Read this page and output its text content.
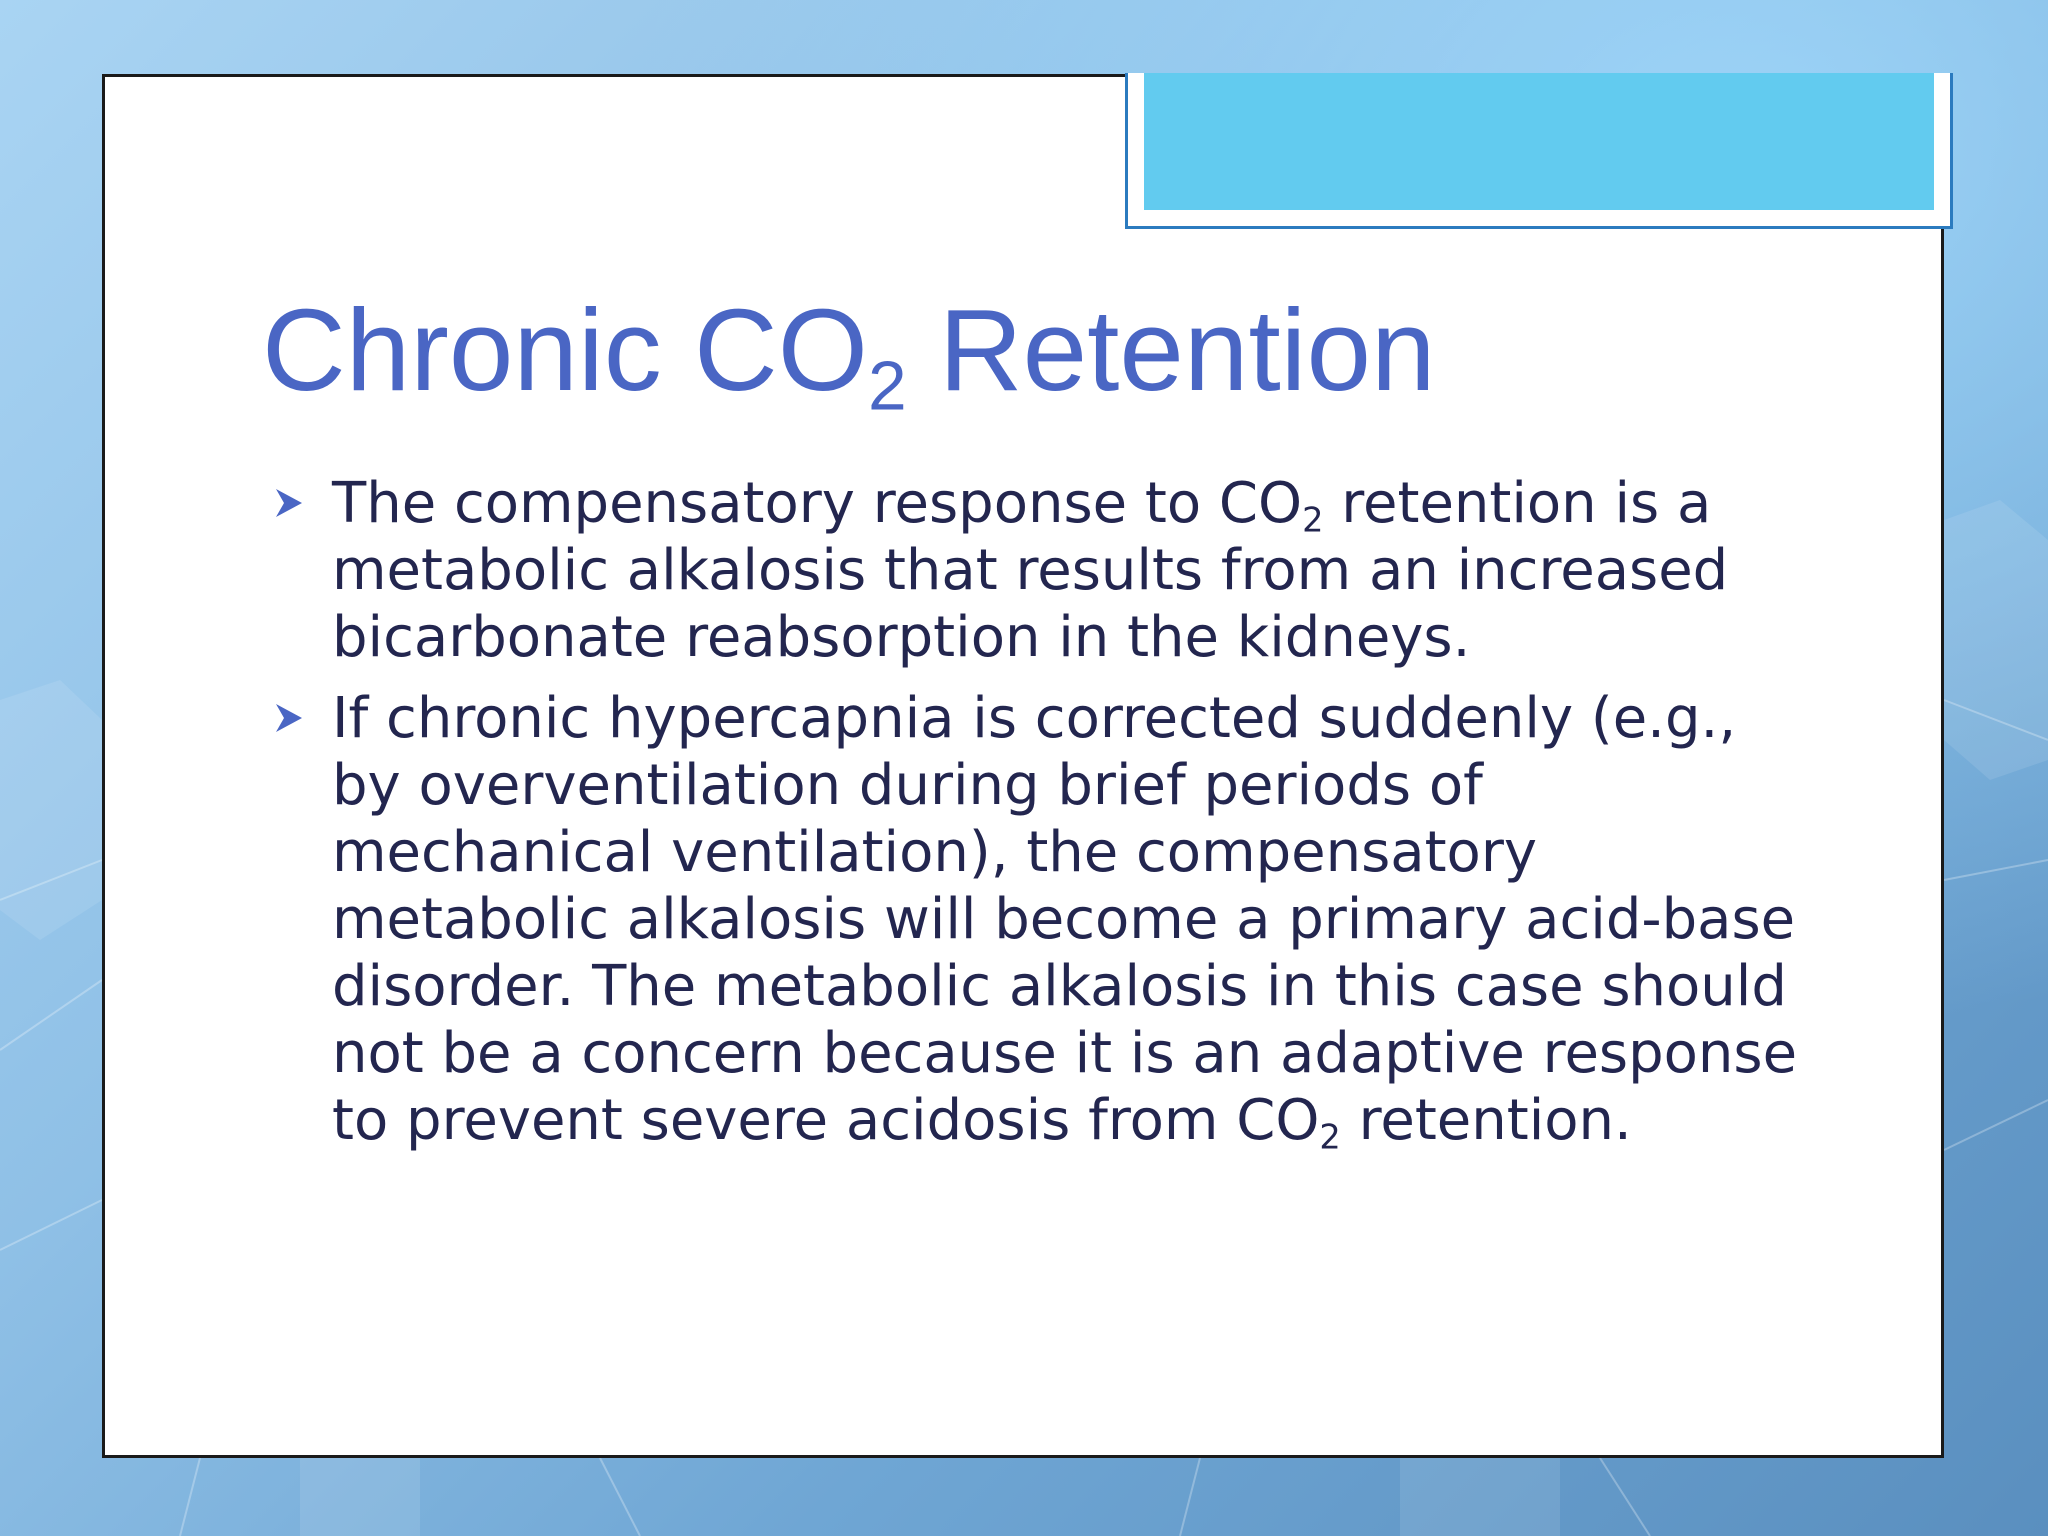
Chronic $CO_2$ Retention
The compensatory response to $CO_2$ retention is a metabolic alkalosis that results from an increased bicarbonate reabsorption in the kidneys.
If chronic hypercapnia is corrected suddenly (e.g., by overventilation during brief periods of mechanical ventilation), the compensatory metabolic alkalosis will become a primary acid-base disorder. The metabolic alkalosis in this case should not be a concern because it is an adaptive response to prevent severe acidosis from $CO_2$ retention.
